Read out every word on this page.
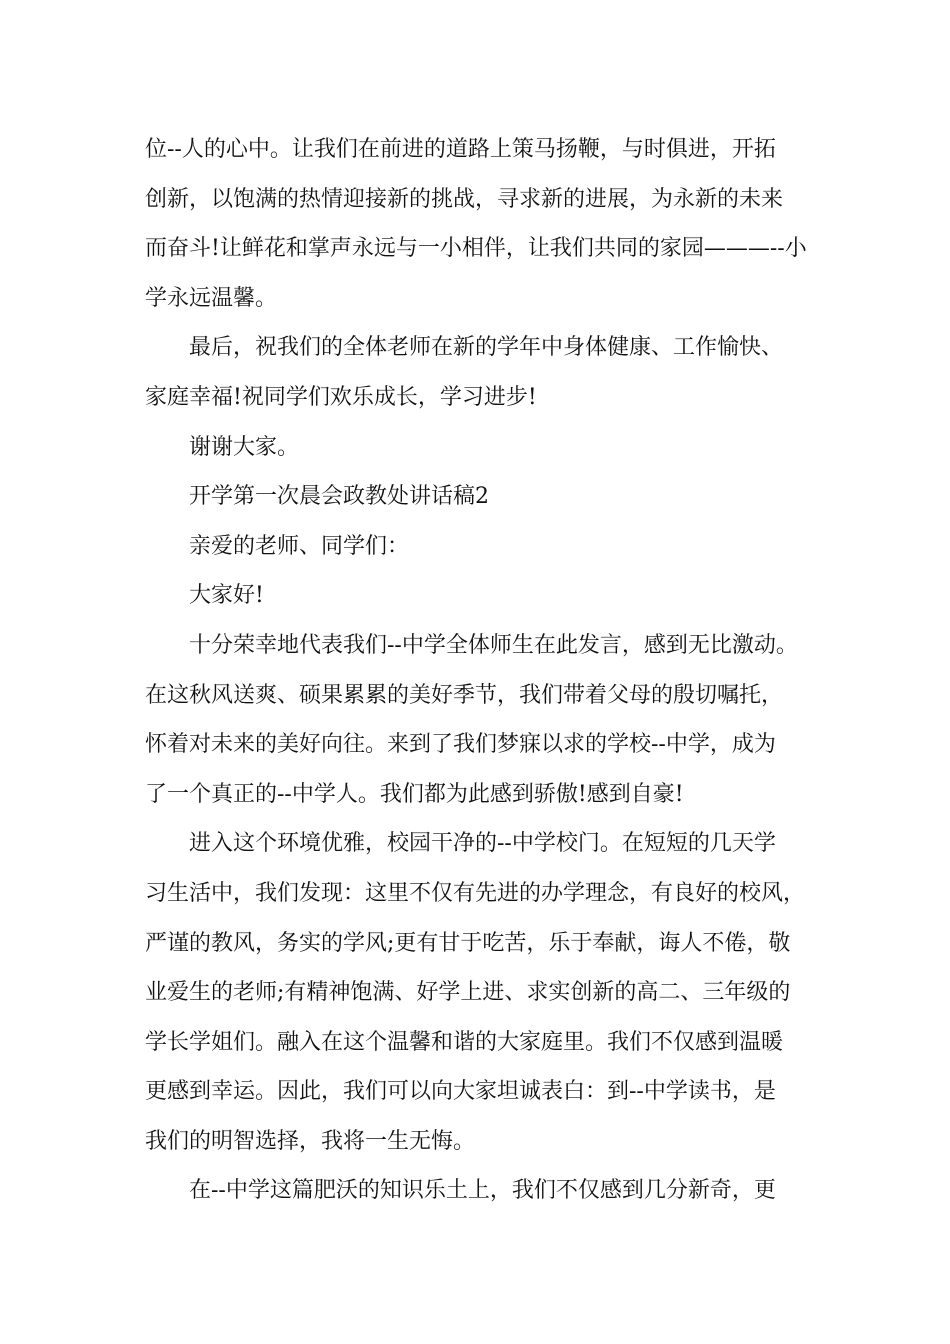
位--人的心中。让我们在前进的道路上策马扬鞭，与时俱进，开拓
创新，以饱满的热情迎接新的挑战，寻求新的进展，为永新的未来
而奋斗!让鲜花和掌声永远与一小相伴，让我们共同的家园———--小
学永远温馨。
最后，祝我们的全体老师在新的学年中身体健康、工作愉快、
家庭幸福!祝同学们欢乐成长，学习进步!
谢谢大家。
开学第一次晨会政教处讲话稿2
亲爱的老师、同学们：
大家好!
十分荣幸地代表我们--中学全体师生在此发言，感到无比激动。
在这秋风送爽、硕果累累的美好季节，我们带着父母的殷切嘱托，
怀着对未来的美好向往。来到了我们梦寐以求的学校--中学，成为
了一个真正的--中学人。我们都为此感到骄傲!感到自豪!
进入这个环境优雅，校园干净的--中学校门。在短短的几天学
习生活中，我们发现：这里不仅有先进的办学理念，有良好的校风，
严谨的教风，务实的学风;更有甘于吃苦，乐于奉献，诲人不倦，敬
业爱生的老师;有精神饱满、好学上进、求实创新的高二、三年级的
学长学姐们。融入在这个温馨和谐的大家庭里。我们不仅感到温暖
更感到幸运。因此，我们可以向大家坦诚表白：到--中学读书，是
我们的明智选择，我将一生无悔。
在--中学这篇肥沃的知识乐土上，我们不仅感到几分新奇，更
